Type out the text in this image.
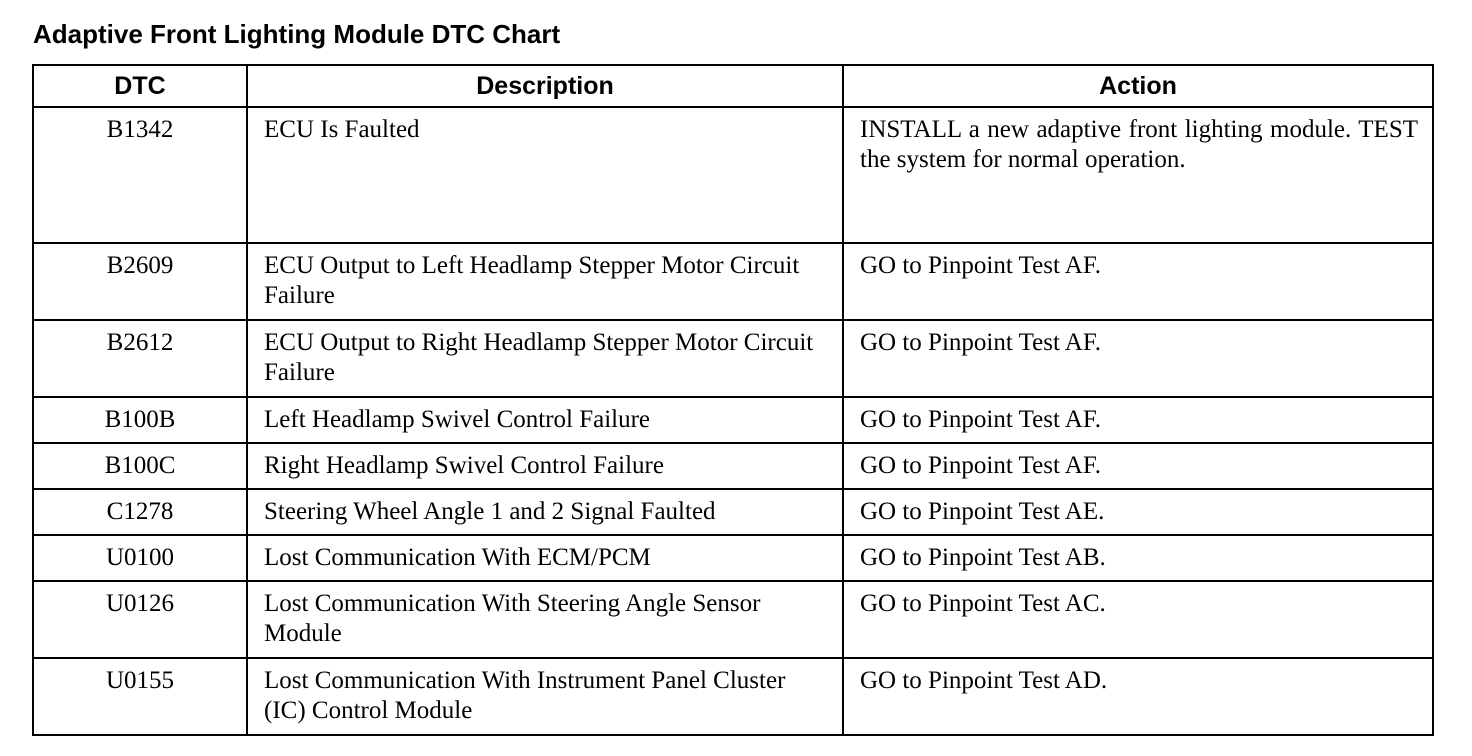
Adaptive Front Lighting Module DTC Chart
DTC	Description	Action
B1342	ECU Is Faulted	INSTALL a new adaptive front lighting module. TEST the system for normal operation.
B2609	ECU Output to Left Headlamp Stepper Motor Circuit Failure	GO to Pinpoint Test AF.
B2612	ECU Output to Right Headlamp Stepper Motor Circuit Failure	GO to Pinpoint Test AF.
B100B	Left Headlamp Swivel Control Failure	GO to Pinpoint Test AF.
B100C	Right Headlamp Swivel Control Failure	GO to Pinpoint Test AF.
C1278	Steering Wheel Angle 1 and 2 Signal Faulted	GO to Pinpoint Test AE.
U0100	Lost Communication With ECM/PCM	GO to Pinpoint Test AB.
U0126	Lost Communication With Steering Angle Sensor Module	GO to Pinpoint Test AC.
U0155	Lost Communication With Instrument Panel Cluster (IC) Control Module	GO to Pinpoint Test AD.
